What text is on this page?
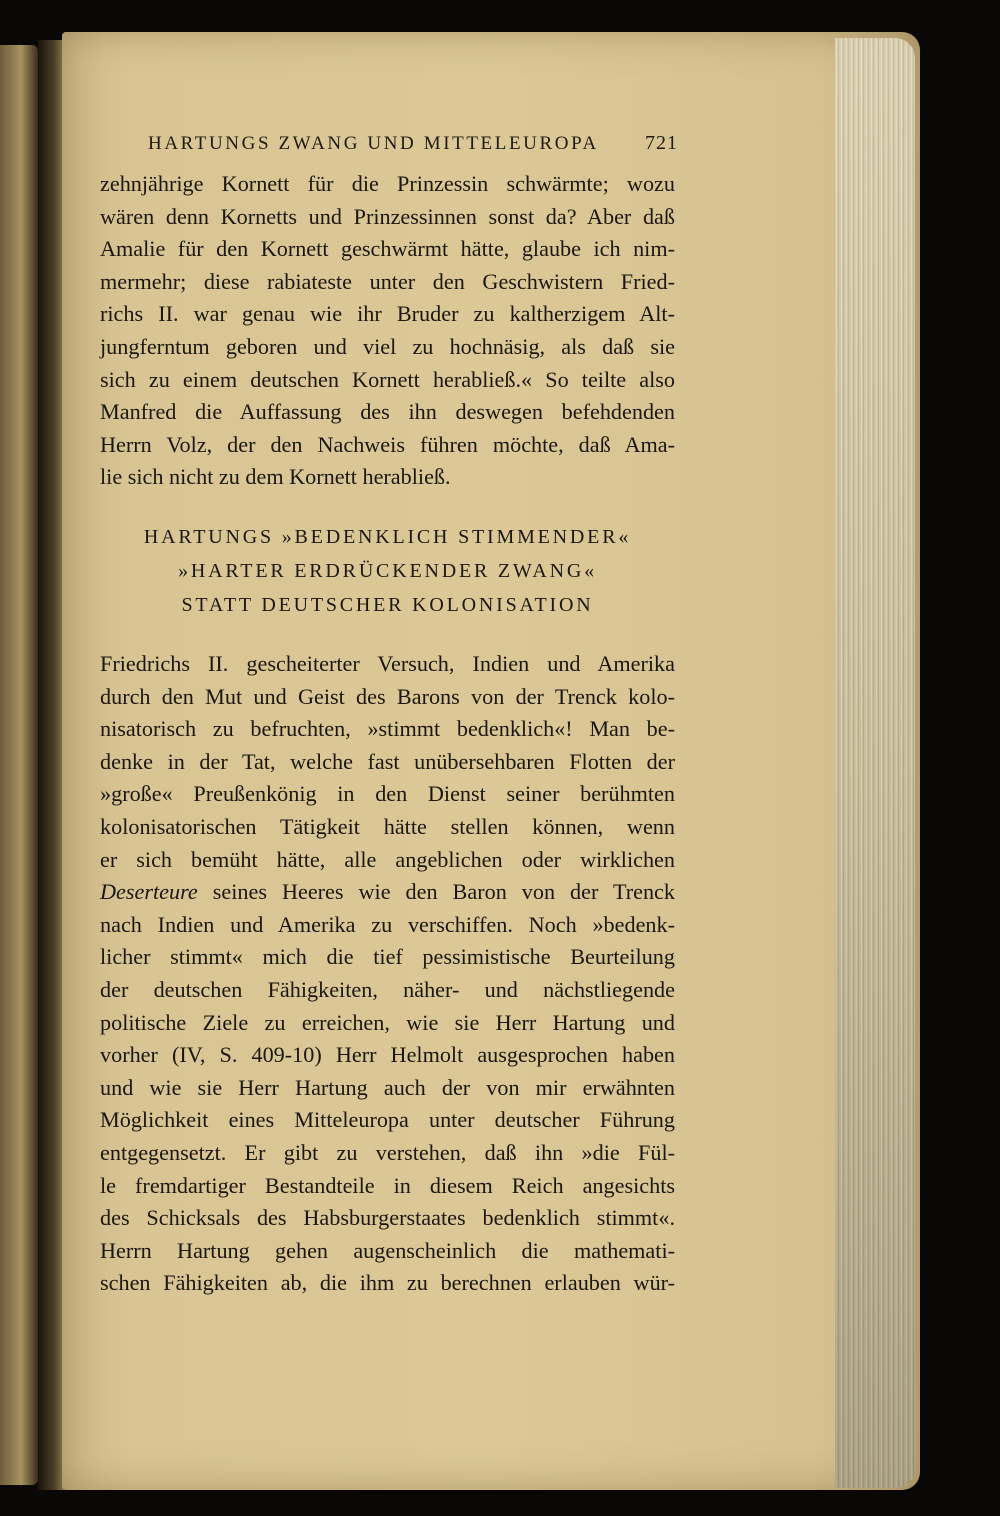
HARTUNGS ZWANG UND MITTELEUROPA 721
zehnjährige Kornett für die Prinzessin schwärmte; wozu
wären denn Kornetts und Prinzessinnen sonst da? Aber daß
Amalie für den Kornett geschwärmt hätte, glaube ich nim-
mermehr; diese rabiateste unter den Geschwistern Fried-
richs II. war genau wie ihr Bruder zu kaltherzigem Alt-
jungferntum geboren und viel zu hochnäsig, als daß sie
sich zu einem deutschen Kornett herabließ.« So teilte also
Manfred die Auffassung des ihn deswegen befehdenden
Herrn Volz, der den Nachweis führen möchte, daß Ama-
lie sich nicht zu dem Kornett herabließ.
HARTUNGS »BEDENKLICH STIMMENDER«
»HARTER ERDRÜCKENDER ZWANG«
STATT DEUTSCHER KOLONISATION
Friedrichs II. gescheiterter Versuch, Indien und Amerika
durch den Mut und Geist des Barons von der Trenck kolo-
nisatorisch zu befruchten, »stimmt bedenklich«! Man be-
denke in der Tat, welche fast unübersehbaren Flotten der
»große« Preußenkönig in den Dienst seiner berühmten
kolonisatorischen Tätigkeit hätte stellen können, wenn
er sich bemüht hätte, alle angeblichen oder wirklichen
Deserteure seines Heeres wie den Baron von der Trenck
nach Indien und Amerika zu verschiffen. Noch »bedenk-
licher stimmt« mich die tief pessimistische Beurteilung
der deutschen Fähigkeiten, näher- und nächstliegende
politische Ziele zu erreichen, wie sie Herr Hartung und
vorher (IV, S. 409-10) Herr Helmolt ausgesprochen haben
und wie sie Herr Hartung auch der von mir erwähnten
Möglichkeit eines Mitteleuropa unter deutscher Führung
entgegensetzt. Er gibt zu verstehen, daß ihn »die Fül-
le fremdartiger Bestandteile in diesem Reich angesichts
des Schicksals des Habsburgerstaates bedenklich stimmt«.
Herrn Hartung gehen augenscheinlich die mathemati-
schen Fähigkeiten ab, die ihm zu berechnen erlauben wür-
